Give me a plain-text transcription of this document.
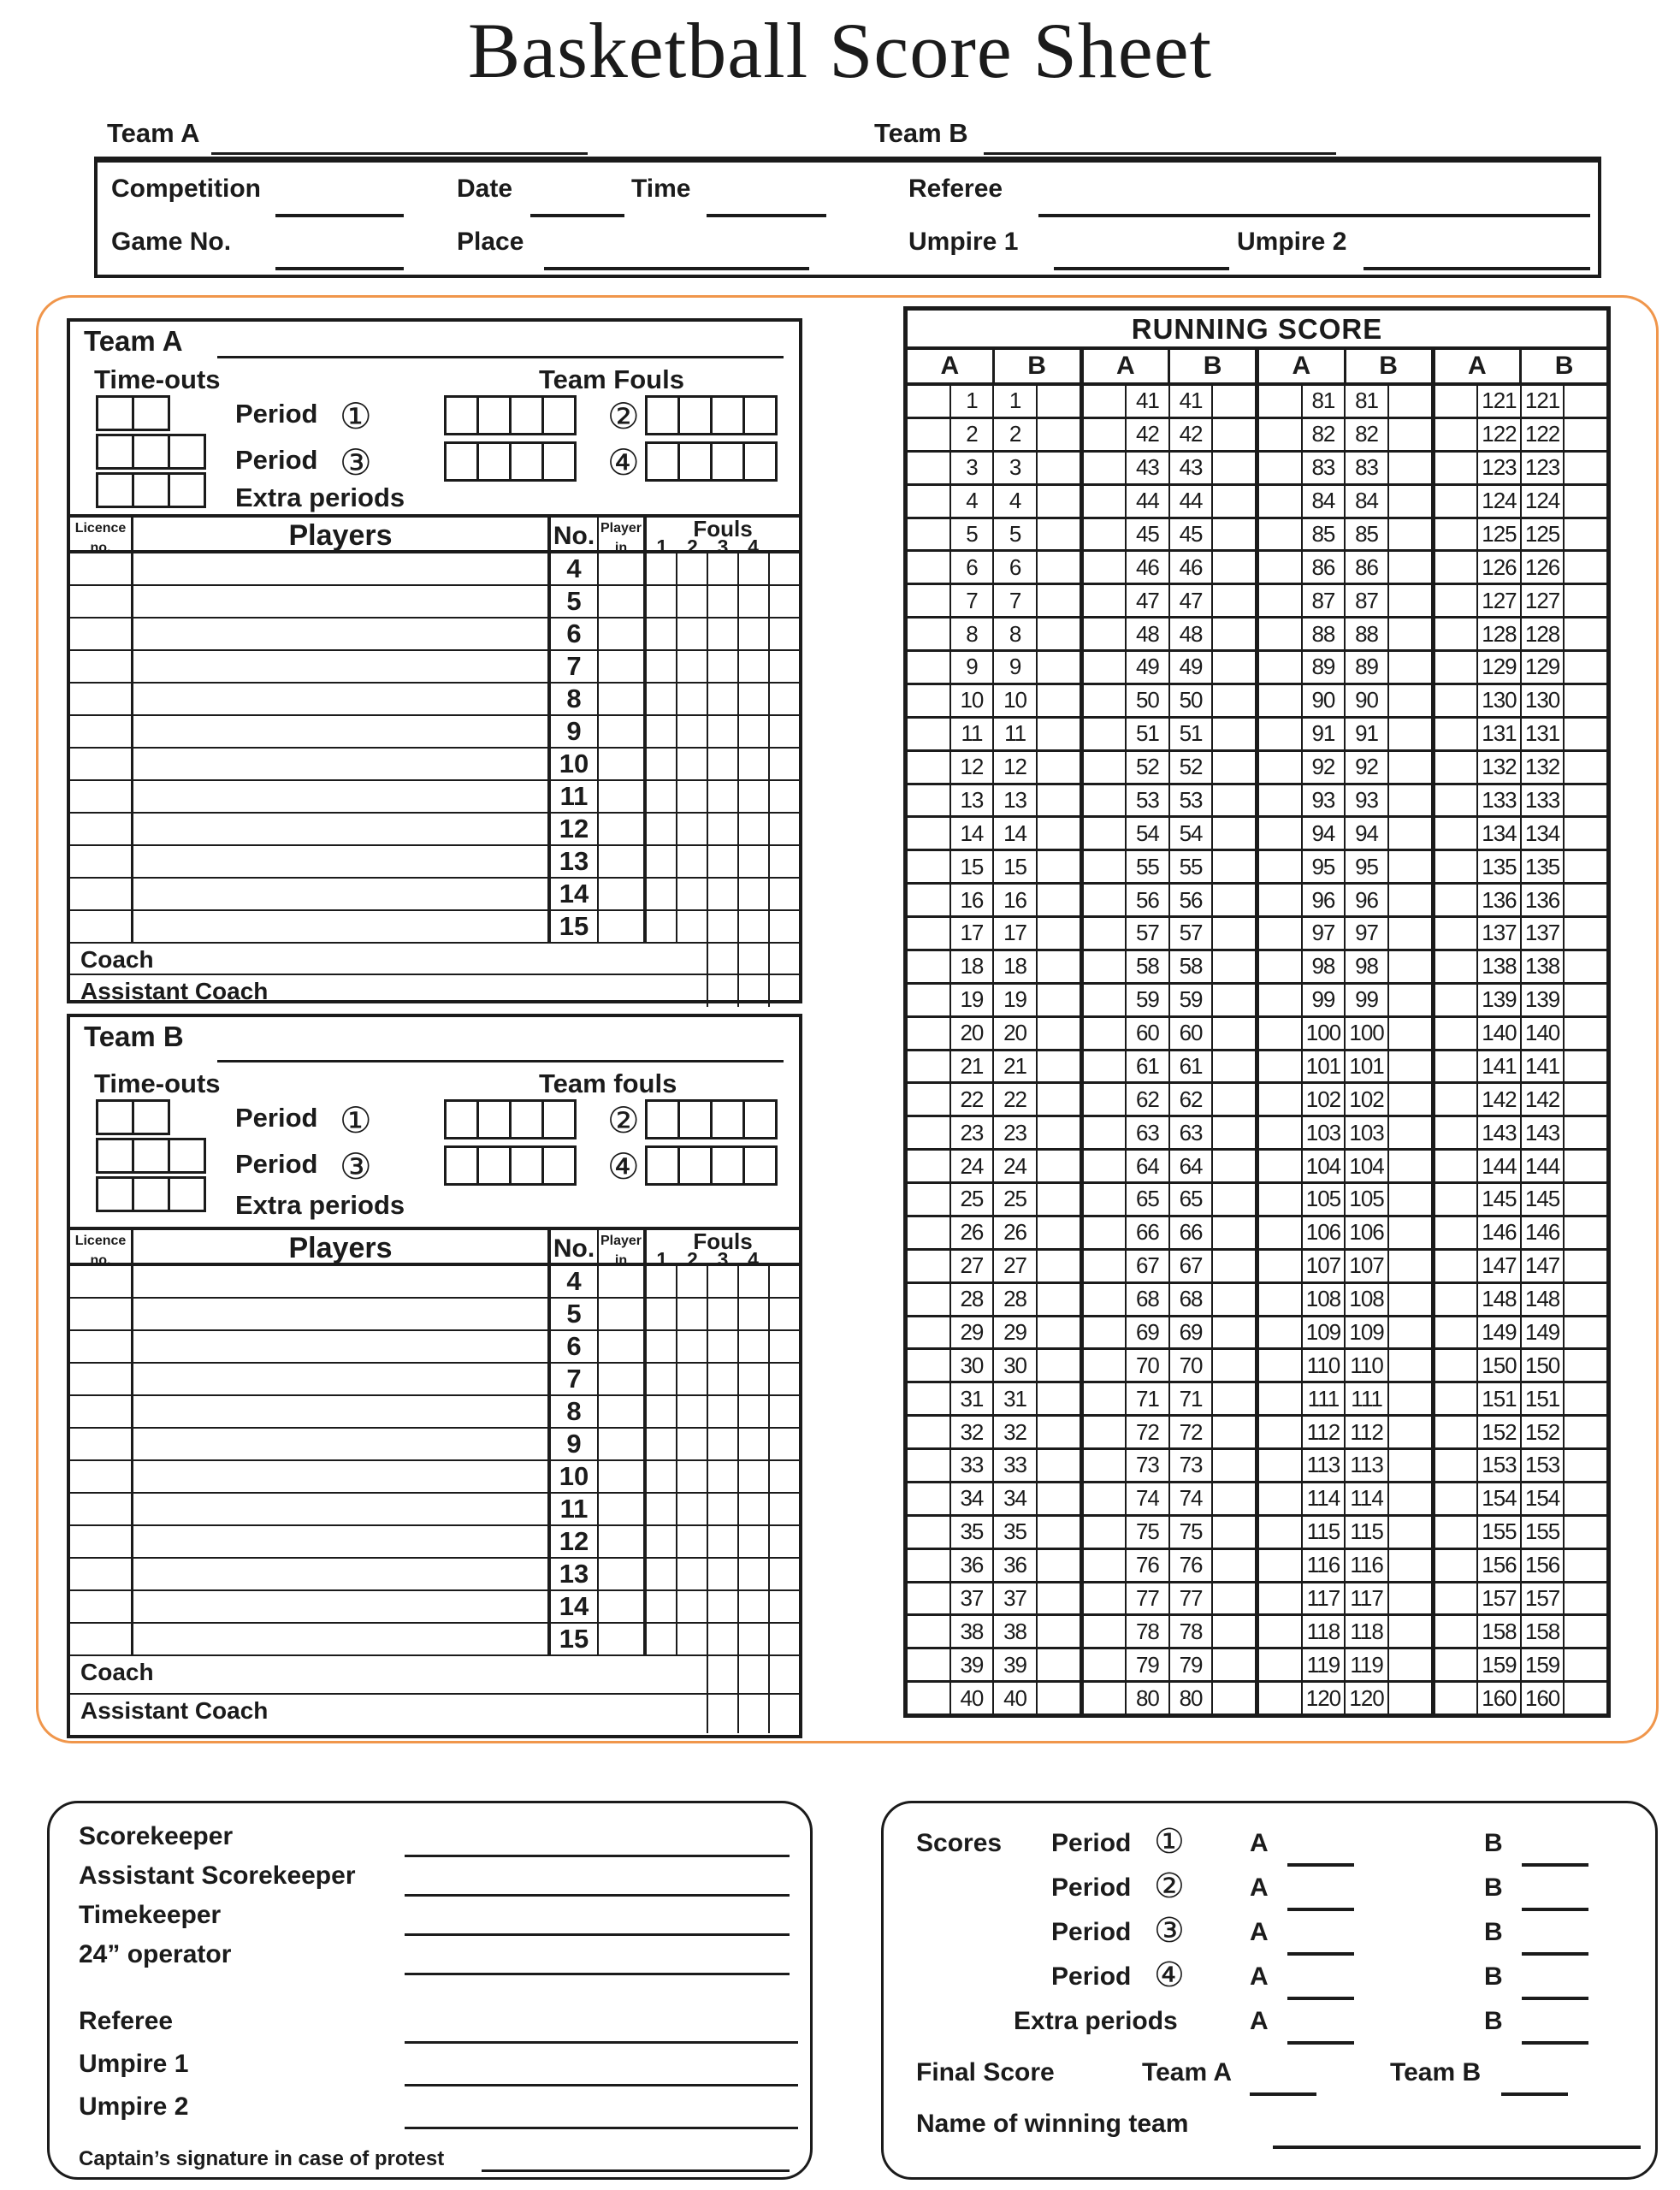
Basketball Score Sheet
Team A	Team B
Competition	Date	Time	Referee
Game No.	Place	Umpire 1	Umpire 2
Team A
Time-outs	Team Fouls
Period ①	②
Period ③	④
Extra periods
Licence
no.	Players	No. Player
in
Fouls
1 2 3 4
4
5
6
7
8
9
10
11
12
13
14
15
Coach
Assistant Coach
Team B
Time-outs	Team fouls
Period ①	②
Period ③	④
Extra periods
Licence
no.	Players	No. Player
in
Fouls
1 2 3 4
4
5
6
7
8
9
10
11
12
13
14
15
Coach
Assistant Coach
RUNNING SCORE
A	B	A	B	A	B	A	B
1	1	41 41	81 81	121 121
2	2	42 42	82 82	122 122
3	3	43 43	83 83	123 123
4	4	44 44	84 84	124 124
5	5	45 45	85 85	125 125
6	6	46 46	86 86	126 126
7	7	47 47	87 87	127 127
8	8	48 48	88 88	128 128
9	9	49 49	89 89	129 129
10 10	50 50	90 90	130 130
11 11	51 51	91 91	131 131
12 12	52 52	92 92	132 132
13 13	53 53	93 93	133 133
14 14	54 54	94 94	134 134
15 15	55 55	95 95	135 135
16 16	56 56	96 96	136 136
17 17	57 57	97 97	137 137
18 18	58 58	98 98	138 138
19 19	59 59	99 99	139 139
20 20	60 60	100 100	140 140
21 21	61 61	101 101	141 141
22 22	62 62	102 102	142 142
23 23	63 63	103 103	143 143
24 24	64 64	104 104	144 144
25 25	65 65	105 105	145 145
26 26	66 66	106 106	146 146
27 27	67 67	107 107	147 147
28 28	68 68	108 108	148 148
29 29	69 69	109 109	149 149
30 30	70 70	110 110	150 150
31 31	71 71	111 111	151 151
32 32	72 72	112 112	152 152
33 33	73 73	113 113	153 153
34 34	74 74	114 114	154 154
35 35	75 75	115 115	155 155
36 36	76 76	116 116	156 156
37 37	77 77	117 117	157 157
38 38	78 78	118 118	158 158
39 39	79 79	119 119	159 159
40 40	80 80	120 120	160 160
Scorekeeper
Assistant Scorekeeper
Timekeeper
24” operator
Referee
Umpire 1
Umpire 2
Captain’s signature in case of protest
Scores Period ①	A	B
Period ②	A	B
Period ③	A	B
Period ④	A	B
Extra periods	A	B
Final Score	Team A	Team B
Name of winning team
